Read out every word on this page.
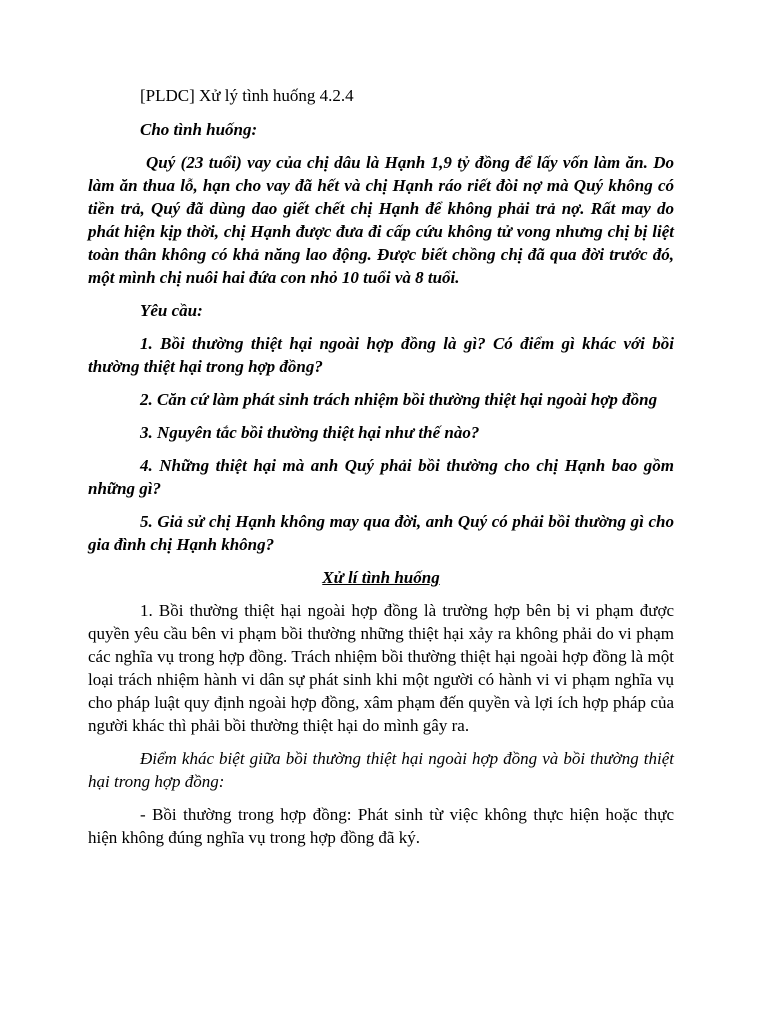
[PLDC] Xử lý tình huống 4.2.4

Cho tình huống:

Quý (23 tuổi) vay của chị dâu là Hạnh 1,9 tỷ đồng để lấy vốn làm ăn. Do làm ăn thua lỗ, hạn cho vay đã hết và chị Hạnh ráo riết đòi nợ mà Quý không có tiền trả, Quý đã dùng dao giết chết chị Hạnh để không phải trả nợ. Rất may do phát hiện kịp thời, chị Hạnh được đưa đi cấp cứu không tử vong nhưng chị bị liệt toàn thân không có khả năng lao động. Được biết chồng chị đã qua đời trước đó, một mình chị nuôi hai đứa con nhỏ 10 tuổi và 8 tuổi.

Yêu cầu:

1. Bồi thường thiệt hại ngoài hợp đồng là gì? Có điểm gì khác với bồi thường thiệt hại trong hợp đồng?

2. Căn cứ làm phát sinh trách nhiệm bồi thường thiệt hại ngoài hợp đồng

3. Nguyên tắc bồi thường thiệt hại như thế nào?

4. Những thiệt hại mà anh Quý phải bồi thường cho chị Hạnh bao gồm những gì?

5. Giả sử chị Hạnh không may qua đời, anh Quý có phải bồi thường gì cho gia đình chị Hạnh không?

Xử lí tình huống

1. Bồi thường thiệt hại ngoài hợp đồng là trường hợp bên bị vi phạm được quyền yêu cầu bên vi phạm bồi thường những thiệt hại xảy ra không phải do vi phạm các nghĩa vụ trong hợp đồng. Trách nhiệm bồi thường thiệt hại ngoài hợp đồng là một loại trách nhiệm hành vi dân sự phát sinh khi một người có hành vi vi phạm nghĩa vụ cho pháp luật quy định ngoài hợp đồng, xâm phạm đến quyền và lợi ích hợp pháp của người khác thì phải bồi thường thiệt hại do mình gây ra.

Điểm khác biệt giữa bồi thường thiệt hại ngoài hợp đồng và bồi thường thiệt hại trong hợp đồng:

- Bồi thường trong hợp đồng: Phát sinh từ việc không thực hiện hoặc thực hiện không đúng nghĩa vụ trong hợp đồng đã ký.
